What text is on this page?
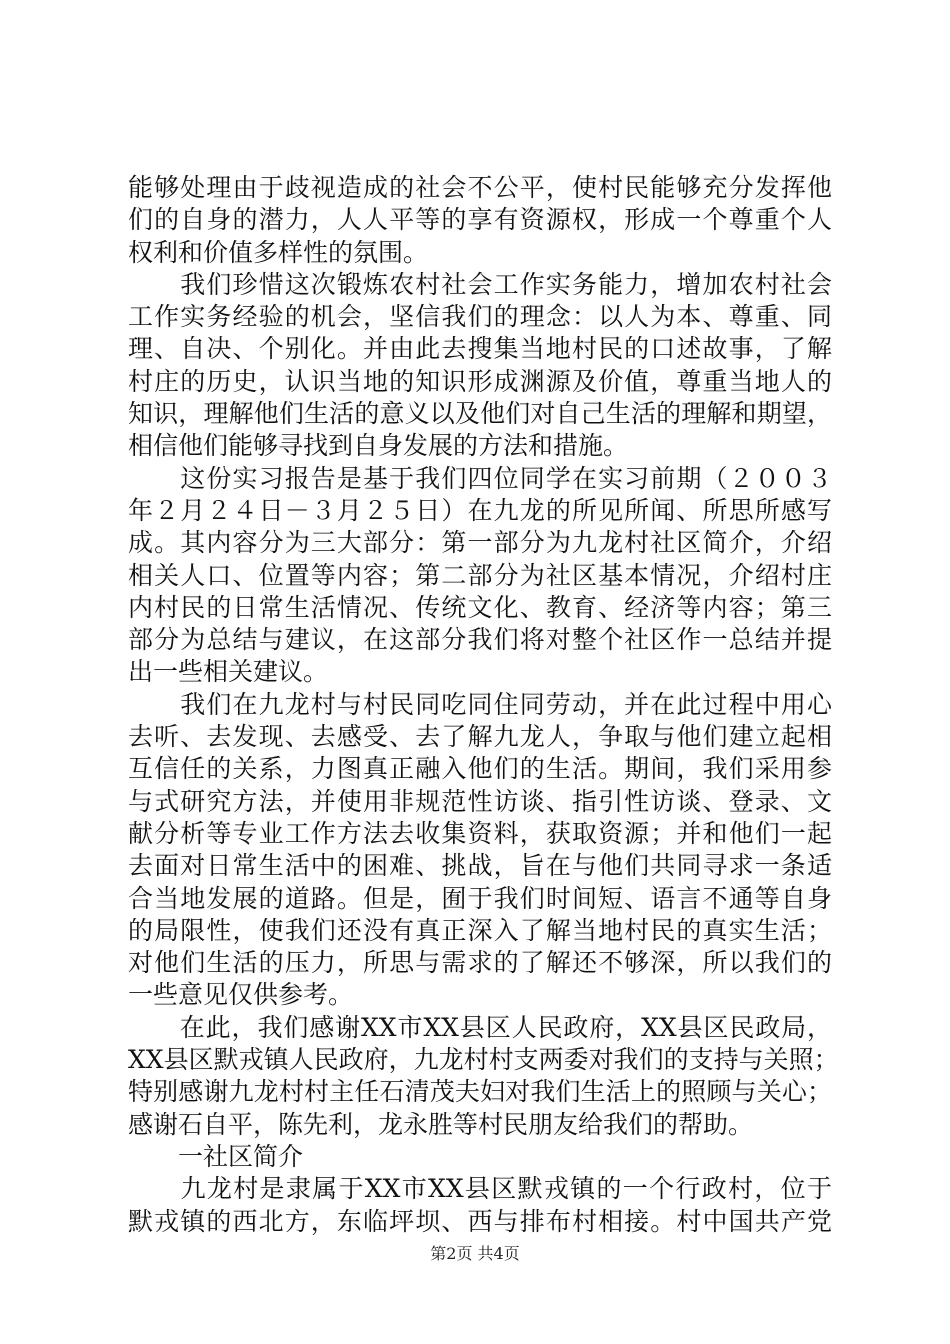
能够处理由于歧视造成的社会不公平，使村民能够充分发挥他
们的自身的潜力，人人平等的享有资源权，形成一个尊重个人
权利和价值多样性的氛围。
　　我们珍惜这次锻炼农村社会工作实务能力，增加农村社会
工作实务经验的机会，坚信我们的理念：以人为本、尊重、同
理、自决、个别化。并由此去搜集当地村民的口述故事，了解
村庄的历史，认识当地的知识形成渊源及价值，尊重当地人的
知识，理解他们生活的意义以及他们对自己生活的理解和期望，
相信他们能够寻找到自身发展的方法和措施。
　　这份实习报告是基于我们四位同学在实习前期（２００３
年２月２４日－３月２５日）在九龙的所见所闻、所思所感写
成。其内容分为三大部分：第一部分为九龙村社区简介，介绍
相关人口、位置等内容；第二部分为社区基本情况，介绍村庄
内村民的日常生活情况、传统文化、教育、经济等内容；第三
部分为总结与建议，在这部分我们将对整个社区作一总结并提
出一些相关建议。
　　我们在九龙村与村民同吃同住同劳动，并在此过程中用心
去听、去发现、去感受、去了解九龙人，争取与他们建立起相
互信任的关系，力图真正融入他们的生活。期间，我们采用参
与式研究方法，并使用非规范性访谈、指引性访谈、登录、文
献分析等专业工作方法去收集资料，获取资源；并和他们一起
去面对日常生活中的困难、挑战，旨在与他们共同寻求一条适
合当地发展的道路。但是，囿于我们时间短、语言不通等自身
的局限性，使我们还没有真正深入了解当地村民的真实生活；
对他们生活的压力，所思与需求的了解还不够深，所以我们的
一些意见仅供参考。
　　在此，我们感谢XX市XX县区人民政府，XX县区民政局，
XX县区默戎镇人民政府，九龙村村支两委对我们的支持与关照；
特别感谢九龙村村主任石清茂夫妇对我们生活上的照顾与关心；
感谢石自平，陈先利，龙永胜等村民朋友给我们的帮助。
　　一社区简介
　　九龙村是隶属于XX市XX县区默戎镇的一个行政村，位于
默戎镇的西北方，东临坪坝、西与排布村相接。村中国共产党
第2页 共4页
